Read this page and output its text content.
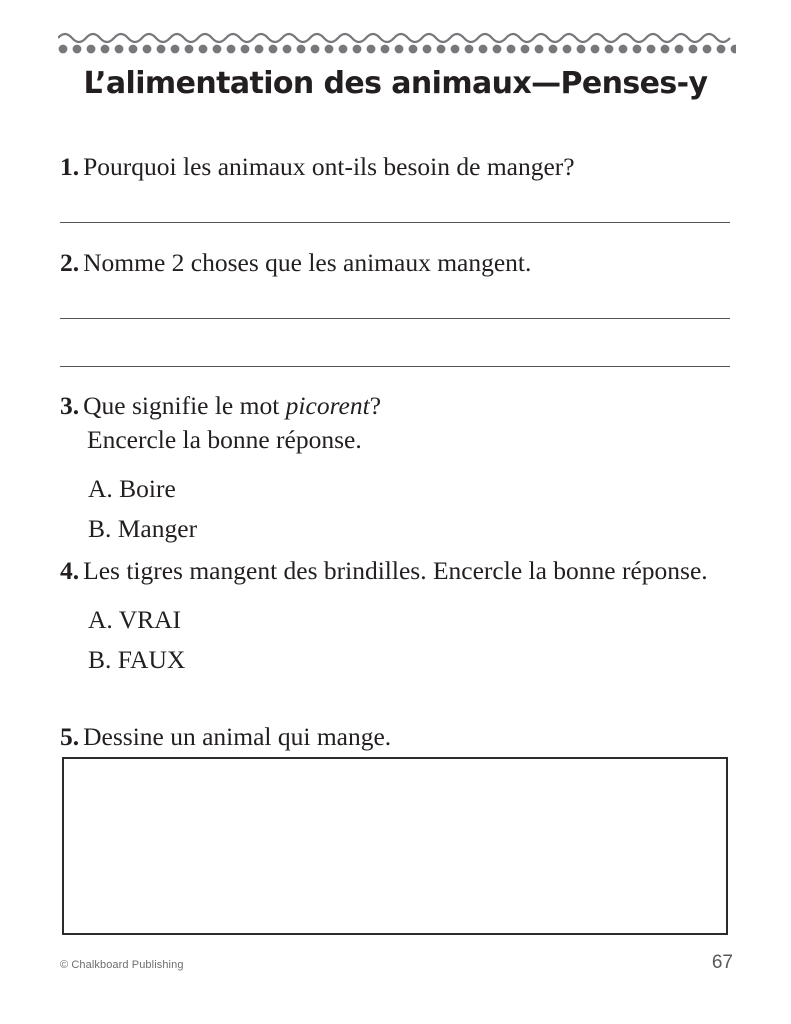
L’alimentation des animaux—Penses-y
1. Pourquoi les animaux ont-ils besoin de manger?
2. Nomme 2 choses que les animaux mangent.
3. Que signifie le mot picorent?
Encercle la bonne réponse.
A. Boire
B. Manger
4. Les tigres mangent des brindilles. Encercle la bonne réponse.
A. VRAI
B. FAUX
5. Dessine un animal qui mange.
© Chalkboard Publishing	67
